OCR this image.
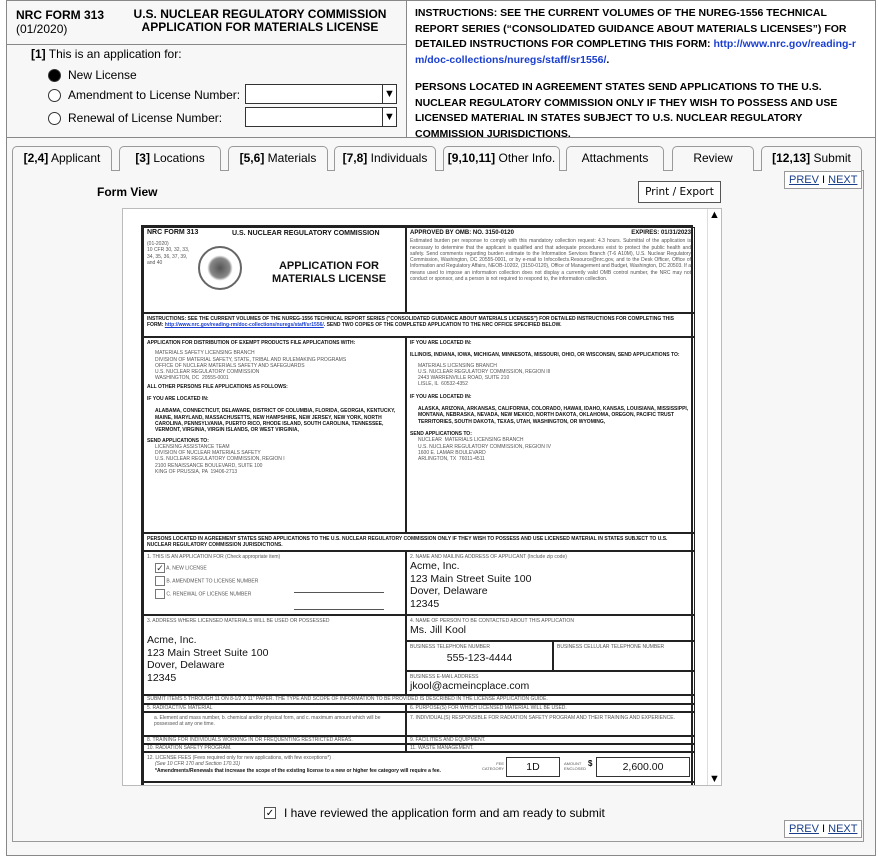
NRC FORM 313
(01/2020)
U.S. NUCLEAR REGULATORY COMMISSION
APPLICATION FOR MATERIALS LICENSE
[1] This is an application for:
New License
Amendment to License Number:
Renewal of License Number:
▼
▼
INSTRUCTIONS: SEE THE CURRENT VOLUMES OF THE NUREG-1556 TECHNICAL REPORT SERIES (“CONSOLIDATED GUIDANCE ABOUT MATERIALS LICENSES”) FOR DETAILED INSTRUCTIONS FOR COMPLETING THIS FORM: http://www.nrc.gov/reading-rm/doc-collections/nuregs/staff/sr1556/.
PERSONS LOCATED IN AGREEMENT STATES SEND APPLICATIONS TO THE U.S. NUCLEAR REGULATORY COMMISSION ONLY IF THEY WISH TO POSSESS AND USE LICENSED MATERIAL IN STATES SUBJECT TO U.S. NUCLEAR REGULATORY COMMISSION JURISDICTIONS.
[2,4] Applicant	[3] Locations	[5,6] Materials	[7,8] Individuals	[9,10,11] Other Info.	Attachments	Review	[12,13] Submit
PREV I NEXT
Form View	Print / Export
▲
▼
NRC FORM 313	U.S. NUCLEAR REGULATORY COMMISSION
(01-2020)
10 CFR 30, 32, 33, 34, 35, 36, 37, 39, and 40	APPLICATION FOR MATERIALS LICENSE
APPROVED BY OMB: NO. 3150-0120	EXPIRES: 01/31/2023
Estimated burden per response to comply with this mandatory collection request: 4.3 hours. Submittal of the application is necessary to determine that the applicant is qualified and that adequate procedures exist to protect the public health and safety. Send comments regarding burden estimate to the Information Services Branch (T-6 A10M), U.S. Nuclear Regulatory Commission, Washington, DC 20555-0001, or by e-mail to Infocollects.Resource@nrc.gov, and to the Desk Officer, Office of Information and Regulatory Affairs, NEOB-10202, (3150-0120), Office of Management and Budget, Washington, DC 20503. If a means used to impose an information collection does not display a currently valid OMB control number, the NRC may not conduct or sponsor, and a person is not required to respond to, the information collection.
INSTRUCTIONS: SEE THE CURRENT VOLUMES OF THE NUREG-1556 TECHNICAL REPORT SERIES ("CONSOLIDATED GUIDANCE ABOUT MATERIALS LICENSES") FOR DETAILED INSTRUCTIONS FOR COMPLETING THIS FORM: http://www.nrc.gov/reading-rm/doc-collections/nuregs/staff/sr1556/. SEND TWO COPIES OF THE COMPLETED APPLICATION TO THE NRC OFFICE SPECIFIED BELOW.
APPLICATION FOR DISTRIBUTION OF EXEMPT PRODUCTS FILE APPLICATIONS WITH:
MATERIALS SAFETY LICENSING BRANCH
DIVISION OF MATERIAL SAFETY, STATE, TRIBAL AND RULEMAKING PROGRAMS
OFFICE OF NUCLEAR MATERIALS SAFETY AND SAFEGUARDS
U.S. NUCLEAR REGULATORY COMMISSION
WASHINGTON, DC  20555-0001
ALL OTHER PERSONS FILE APPLICATIONS AS FOLLOWS:
IF YOU ARE LOCATED IN:
ALABAMA, CONNECTICUT, DELAWARE, DISTRICT OF COLUMBIA, FLORIDA, GEORGIA, KENTUCKY, MAINE, MARYLAND, MASSACHUSETTS, NEW HAMPSHIRE, NEW JERSEY, NEW YORK, NORTH CAROLINA, PENNSYLVANIA, PUERTO RICO, RHODE ISLAND, SOUTH CAROLINA, TENNESSEE, VERMONT, VIRGINIA, VIRGIN ISLANDS, OR WEST VIRGINIA,
SEND APPLICATIONS TO:
LICENSING ASSISTANCE TEAM
DIVISION OF NUCLEAR MATERIALS SAFETY
U.S. NUCLEAR REGULATORY COMMISSION, REGION I
2100 RENAISSANCE BOULEVARD, SUITE 100
KING OF PRUSSIA, PA  19406-2713
IF YOU ARE LOCATED IN:
ILLINOIS, INDIANA, IOWA, MICHIGAN, MINNESOTA, MISSOURI, OHIO, OR WISCONSIN, SEND APPLICATIONS TO:
MATERIALS LICENSING BRANCH
U.S. NUCLEAR REGULATORY COMMISSION, REGION III
2443 WARRENVILLE ROAD, SUITE 210
LISLE, IL  60532-4352
IF YOU ARE LOCATED IN:
ALASKA, ARIZONA, ARKANSAS, CALIFORNIA, COLORADO, HAWAII, IDAHO, KANSAS, LOUISIANA, MISSISSIPPI, MONTANA, NEBRASKA, NEVADA, NEW MEXICO, NORTH DAKOTA, OKLAHOMA, OREGON, PACIFIC TRUST TERRITORIES, SOUTH DAKOTA, TEXAS, UTAH, WASHINGTON, OR WYOMING,
SEND APPLICATIONS TO:
NUCLEAR  MATERIALS LICENSING BRANCH
U.S. NUCLEAR REGULATORY COMMISSION, REGION IV
1600 E. LAMAR BOULEVARD
ARLINGTON, TX  76011-4511
PERSONS LOCATED IN AGREEMENT STATES SEND APPLICATIONS TO THE U.S. NUCLEAR REGULATORY COMMISSION ONLY IF THEY WISH TO POSSESS AND USE LICENSED MATERIAL IN STATES SUBJECT TO U.S. NUCLEAR REGULATORY COMMISSION JURISDICTIONS.
1. THIS IS AN APPLICATION FOR (Check appropriate item)
✓ A. NEW LICENSE
B. AMENDMENT TO LICENSE NUMBER
C. RENEWAL OF LICENSE NUMBER
2. NAME AND MAILING ADDRESS OF APPLICANT (Include zip code)
Acme, Inc.
123 Main Street Suite 100
Dover, Delaware
12345
3. ADDRESS WHERE LICENSED MATERIALS WILL BE USED OR POSSESSED
Acme, Inc.
123 Main Street Suite 100
Dover, Delaware
12345
4. NAME OF PERSON TO BE CONTACTED ABOUT THIS APPLICATION
Ms. Jill Kool
BUSINESS TELEPHONE NUMBER
555-123-4444
BUSINESS CELLULAR TELEPHONE NUMBER
BUSINESS E-MAIL ADDRESS
jkool@acmeincplace.com
SUBMIT ITEMS 5 THROUGH 11 ON 8-1/2 X 11" PAPER. THE TYPE AND SCOPE OF INFORMATION TO BE PROVIDED IS DESCRIBED IN THE LICENSE APPLICATION GUIDE.
5. RADIOACTIVE MATERIAL	6. PURPOSE(S) FOR WHICH LICENSED MATERIAL WILL BE USED.
a. Element and mass number, b. chemical and/or physical form, and c. maximum amount which will be possessed at any one time.
7. INDIVIDUAL(S) RESPONSIBLE FOR RADIATION SAFETY PROGRAM AND THEIR TRAINING AND EXPERIENCE.
8. TRAINING FOR INDIVIDUALS WORKING IN OR FREQUENTING RESTRICTED AREAS.	9. FACILITIES AND EQUIPMENT.
10. RADIATION SAFETY PROGRAM.	11. WASTE MANAGEMENT.
12. LICENSE FEES (Fees required only for new applications, with few exceptions*)
(See 10 CFR 170 and Section 170.31)
*Amendments/Renewals that increase the scope of the existing license to a new or higher fee category will require a fee.
FEE CATEGORY	1D	AMOUNT ENCLOSED
$	2,600.00
✓ I have reviewed the application form and am ready to submit
PREV I NEXT
